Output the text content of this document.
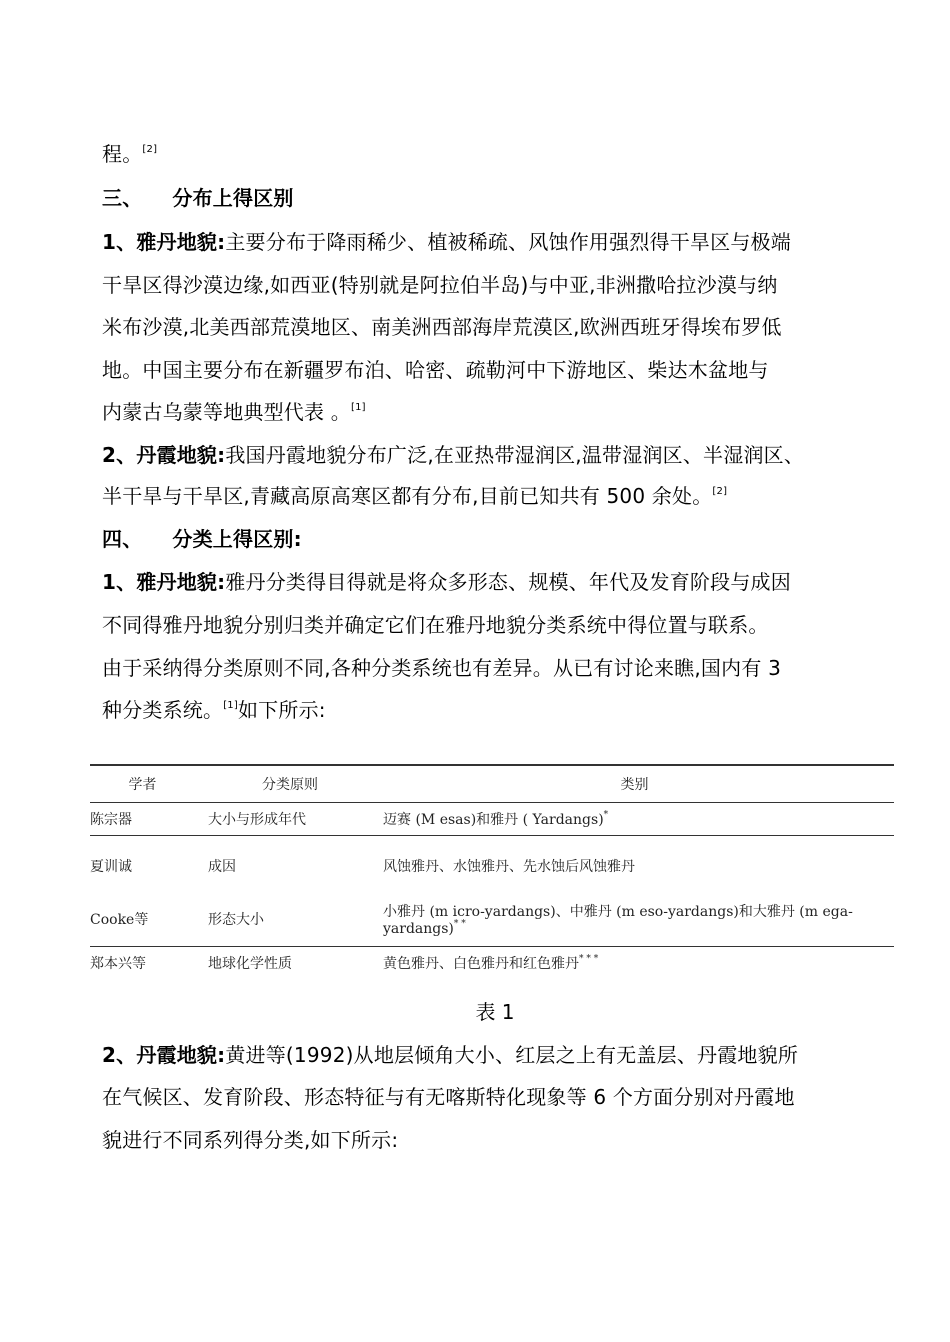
程。[2]
三、 分布上得区别
1、雅丹地貌:主要分布于降雨稀少、植被稀疏、风蚀作用强烈得干旱区与极端
干旱区得沙漠边缘,如西亚(特别就是阿拉伯半岛)与中亚,非洲撒哈拉沙漠与纳
米布沙漠,北美西部荒漠地区、南美洲西部海岸荒漠区,欧洲西班牙得埃布罗低
地。中国主要分布在新疆罗布泊、哈密、疏勒河中下游地区、柴达木盆地与
内蒙古乌蒙等地典型代表 。[1]
2、丹霞地貌:我国丹霞地貌分布广泛,在亚热带湿润区,温带湿润区、半湿润区、
半干旱与干旱区,青藏高原高寒区都有分布,目前已知共有 500 余处。[2]
四、 分类上得区别:
1、雅丹地貌:雅丹分类得目得就是将众多形态、规模、年代及发育阶段与成因
不同得雅丹地貌分别归类并确定它们在雅丹地貌分类系统中得位置与联系。
由于采纳得分类原则不同,各种分类系统也有差异。从已有讨论来瞧,国内有 3
种分类系统。[1]如下所示:
学者	分类原则	类别
陈宗器	大小与形成年代	迈赛 (M esas)和雅丹 ( Yardangs)*
夏训诚	成因	风蚀雅丹、水蚀雅丹、先水蚀后风蚀雅丹
Cooke等	形态大小	小雅丹 (m icro-yardangs)、中雅丹 (m eso-yardangs)和大雅丹 (m ega-yardangs)* *
郑本兴等	地球化学性质	黄色雅丹、白色雅丹和红色雅丹* * *
表 1
2、丹霞地貌:黄进等(1992)从地层倾角大小、红层之上有无盖层、丹霞地貌所
在气候区、发育阶段、形态特征与有无喀斯特化现象等 6 个方面分别对丹霞地
貌进行不同系列得分类,如下所示:
